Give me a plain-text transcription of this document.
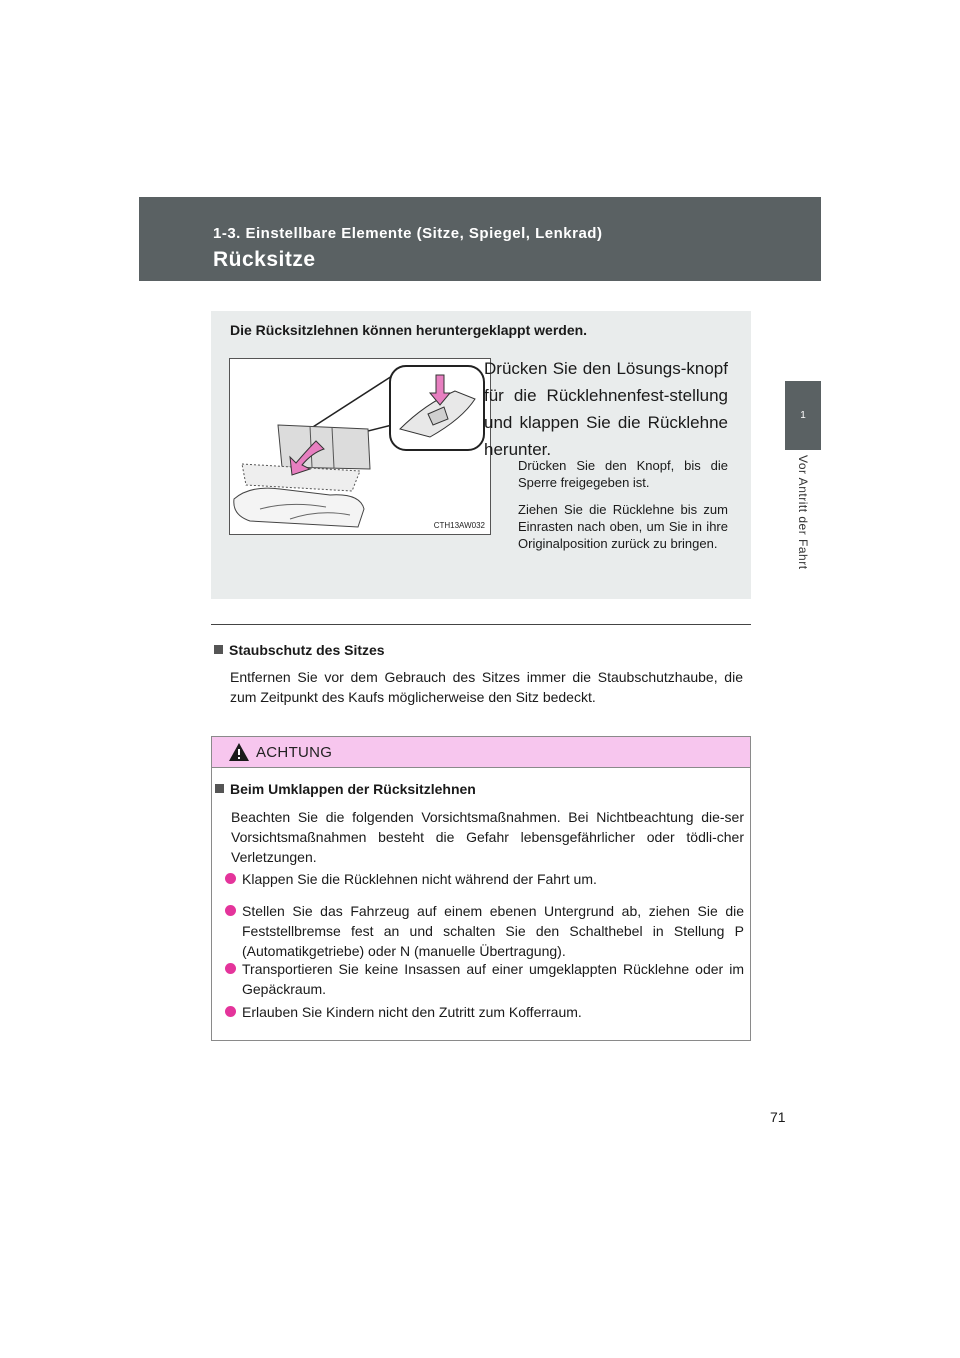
1-3. Einstellbare Elemente (Sitze, Spiegel, Lenkrad)
Rücksitze
1
Vor Antritt der Fahrt
Die Rücksitzlehnen können heruntergeklappt werden.
CTH13AW032
Drücken Sie den Lösungs-knopf für die Rücklehnenfest-stellung und klappen Sie die Rücklehne herunter.
Drücken Sie den Knopf, bis die Sperre freigegeben ist.
Ziehen Sie die Rücklehne bis zum Einrasten nach oben, um Sie in ihre Originalposition zurück zu bringen.
Staubschutz des Sitzes
Entfernen Sie vor dem Gebrauch des Sitzes immer die Staubschutzhaube, die zum Zeitpunkt des Kaufs möglicherweise den Sitz bedeckt.
ACHTUNG
Beim Umklappen der Rücksitzlehnen
Beachten Sie die folgenden Vorsichtsmaßnahmen. Bei Nichtbeachtung die-ser Vorsichtsmaßnahmen besteht die Gefahr lebensgefährlicher oder tödli-cher Verletzungen.
Klappen Sie die Rücklehnen nicht während der Fahrt um.
Stellen Sie das Fahrzeug auf einem ebenen Untergrund ab, ziehen Sie die Feststellbremse fest an und schalten Sie den Schalthebel in Stellung P (Automatikgetriebe) oder N (manuelle Übertragung).
Transportieren Sie keine Insassen auf einer umgeklappten Rücklehne oder im Gepäckraum.
Erlauben Sie Kindern nicht den Zutritt zum Kofferraum.
71
